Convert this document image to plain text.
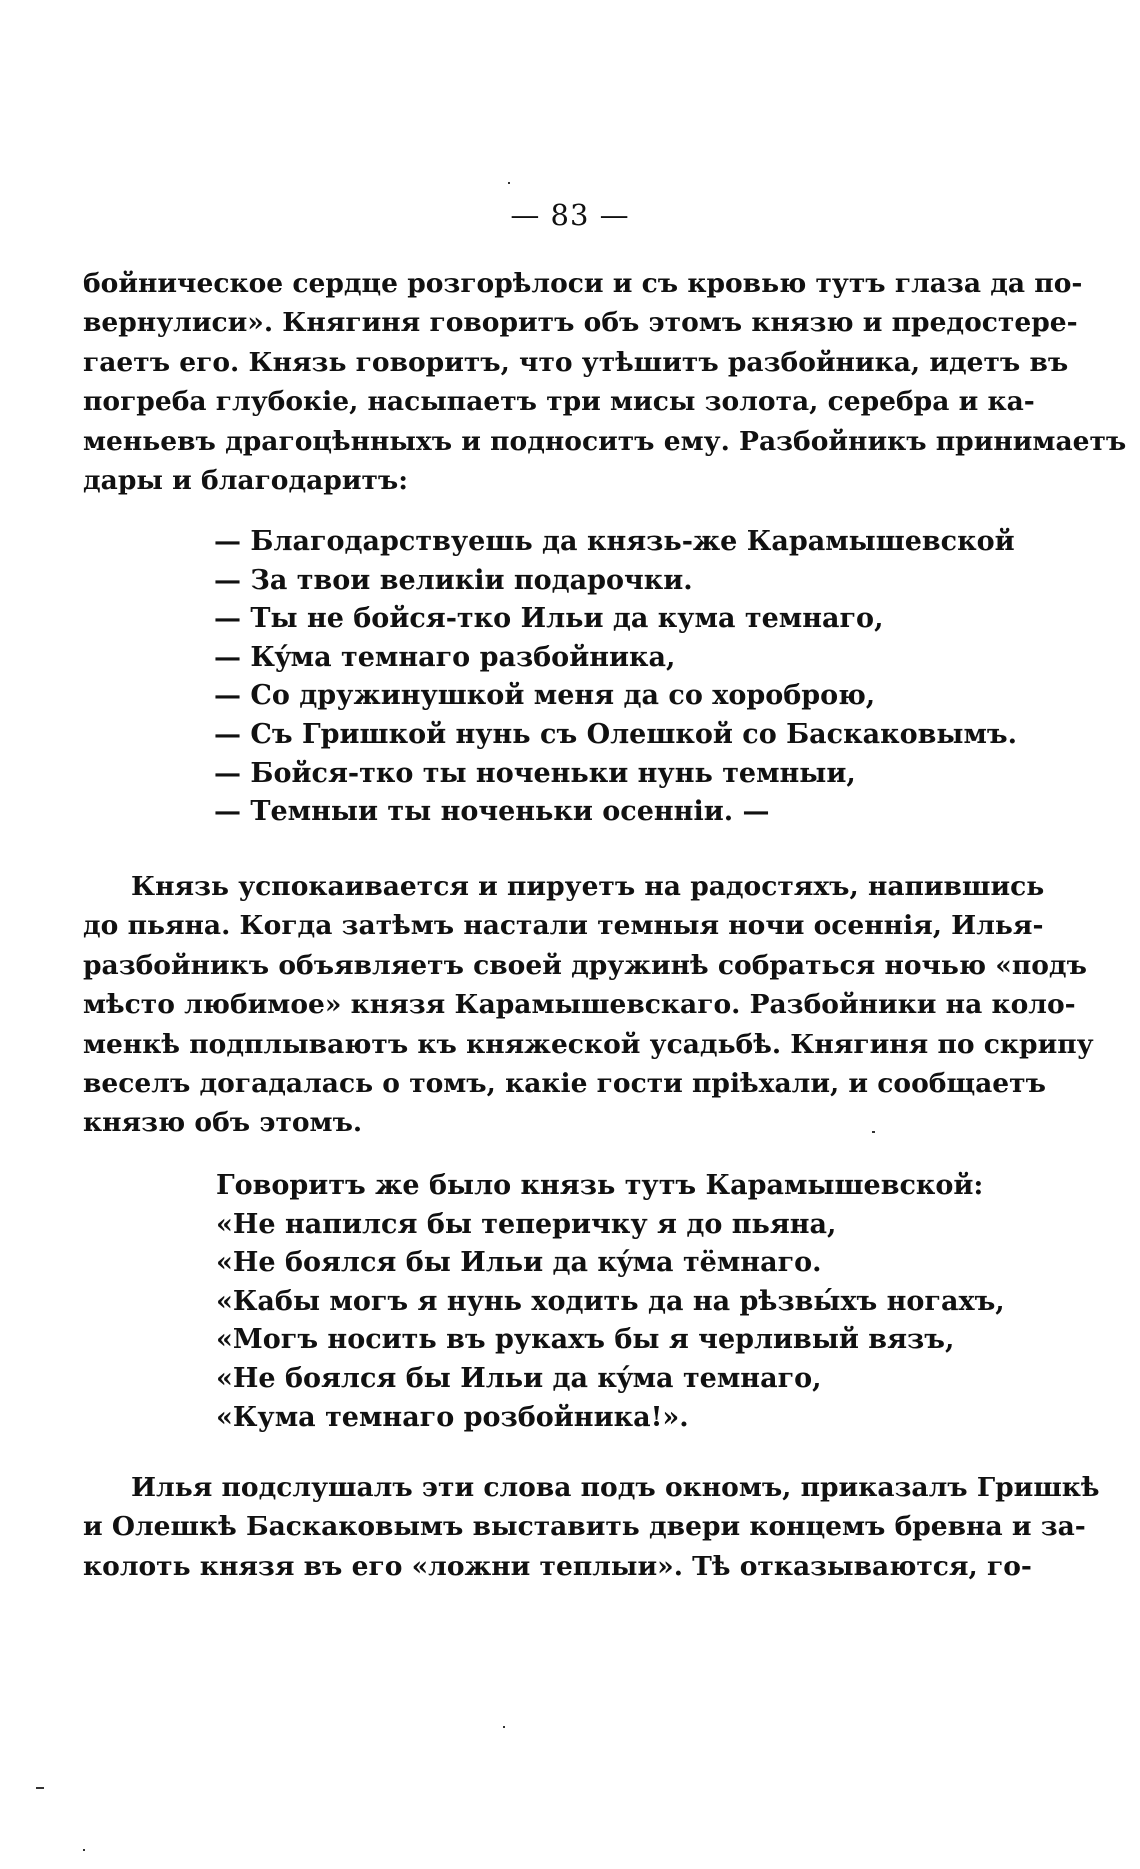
— 83 —
бойническое сердце розгорѣлоси и съ кровью тутъ глаза да по-
вернулиси». Княгиня говоритъ объ этомъ князю и предостере-
гаетъ его. Князь говоритъ, что утѣшитъ разбойника, идетъ въ
погреба глубокіе, насыпаетъ три мисы золота, серебра и ка-
меньевъ драгоцѣнныхъ и подноситъ ему. Разбойникъ принимаетъ
дары и благодаритъ:
— Благодарствуешь да князь-же Карамышевской
— За твои великіи подарочки.
— Ты не бойся-тко Ильи да кума темнаго,
— Кýма темнаго разбойника,
— Со дружинушкой меня да со хороброю,
— Съ Гришкой нунь съ Олешкой со Баскаковымъ.
— Бойся-тко ты ноченьки нунь темныи,
— Темныи ты ноченьки осенніи. —
Князь успокаивается и пируетъ на радостяхъ, напившись
до пьяна. Когда затѣмъ настали темныя ночи осеннія, Илья-
разбойникъ объявляетъ своей дружинѣ собраться ночью «подъ
мѣсто любимое» князя Карамышевскаго. Разбойники на коло-
менкѣ подплываютъ къ княжеской усадьбѣ. Княгиня по скрипу
веселъ догадалась о томъ, какіе гости пріѣхали, и сообщаетъ
князю объ этомъ.
Говоритъ же было князь тутъ Карамышевской:
«Не напился бы теперичку я до пьяна,
«Не боялся бы Ильи да кýма тёмнаго.
«Кабы могъ я нунь ходить да на рѣзвы́хъ ногахъ,
«Могъ носить въ рукахъ бы я черливый вязъ,
«Не боялся бы Ильи да кýма темнаго,
«Кума темнаго розбойника!».
Илья подслушалъ эти слова подъ окномъ, приказалъ Гришкѣ
и Олешкѣ Баскаковымъ выставить двери концемъ бревна и за-
колоть князя въ его «ложни теплыи». Тѣ отказываются, го-
